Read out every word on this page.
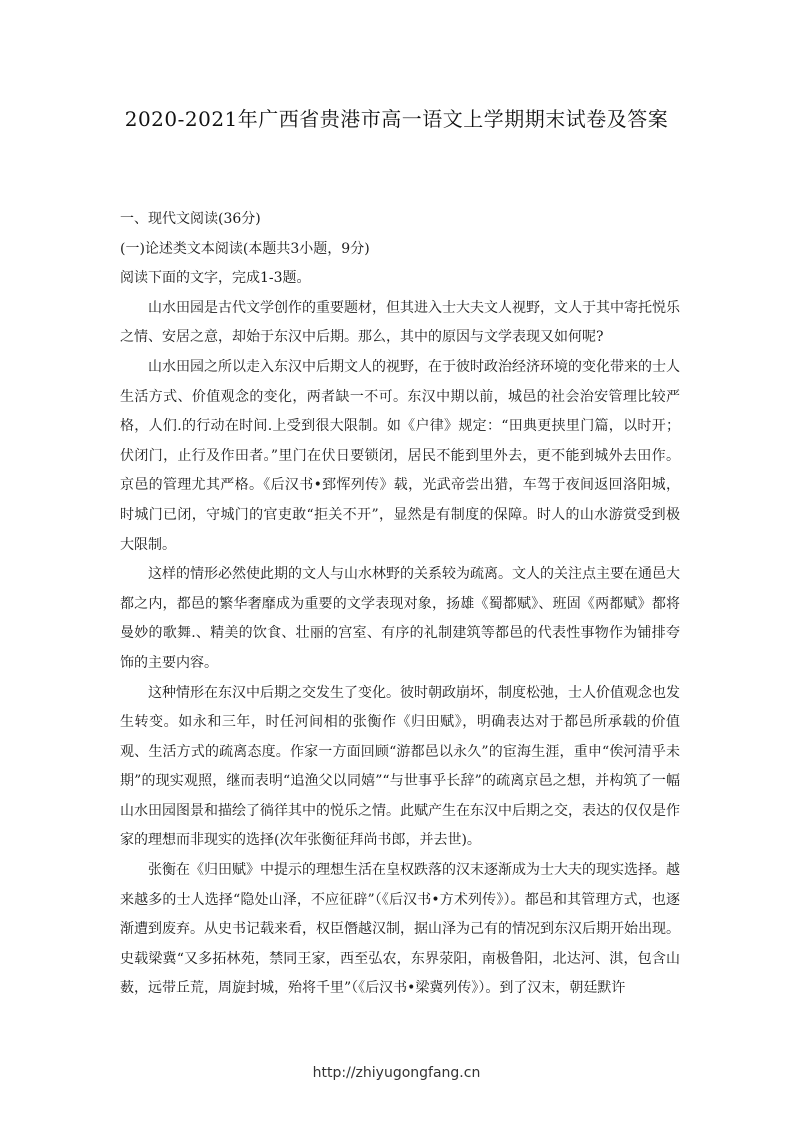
2020-2021年广西省贵港市高一语文上学期期末试卷及答案

一、现代文阅读(36分)

(一)论述类文本阅读(本题共3小题，9分)

阅读下面的文字，完成1-3题。

山水田园是古代文学创作的重要题材，但其进入士大夫文人视野，文人于其中寄托悦乐之情、安居之意，却始于东汉中后期。那么，其中的原因与文学表现又如何呢?

山水田园之所以走入东汉中后期文人的视野，在于彼时政治经济环境的变化带来的士人生活方式、价值观念的变化，两者缺一不可。东汉中期以前，城邑的社会治安管理比较严格，人们.的行动在时间.上受到很大限制。如《户律》规定：“田典更挟里门篇，以时开；伏闭门，止行及作田者。”里门在伏日要锁闭，居民不能到里外去，更不能到城外去田作。京邑的管理尤其严格。《后汉书•郅恽列传》载，光武帝尝出猎，车驾于夜间返回洛阳城，时城门已闭，守城门的官吏敢“拒关不开”，显然是有制度的保障。时人的山水游赏受到极大限制。

这样的情形必然使此期的文人与山水林野的关系较为疏离。文人的关注点主要在通邑大都之内，都邑的繁华奢靡成为重要的文学表现对象，扬雄《蜀都赋》、班固《两都赋》都将曼妙的歌舞.、精美的饮食、壮丽的宫室、有序的礼制建筑等都邑的代表性事物作为铺排夸饰的主要内容。

这种情形在东汉中后期之交发生了变化。彼时朝政崩坏，制度松弛，士人价值观念也发生转变。如永和三年，时任河间相的张衡作《归田赋》，明确表达对于都邑所承载的价值观、生活方式的疏离态度。作家一方面回顾“游都邑以永久”的宦海生涯，重申“俟河清乎未期”的现实观照，继而表明“追渔父以同嬉”“与世事乎长辞”的疏离京邑之想，并构筑了一幅山水田园图景和描绘了徜徉其中的悦乐之情。此赋产生在东汉中后期之交，表达的仅仅是作家的理想而非现实的选择(次年张衡征拜尚书郎，并去世)。

张衡在《归田赋》中提示的理想生活在皇权跌落的汉末逐渐成为士大夫的现实选择。越来越多的士人选择“隐处山泽，不应征辟”（《后汉书•方术列传》）。都邑和其管理方式，也逐渐遭到废弃。从史书记载来看，权臣僭越汉制，据山泽为己有的情况到东汉后期开始出现。史载梁冀“又多拓林苑，禁同王家，西至弘农，东界荥阳，南极鲁阳，北达河、淇，包含山薮，远带丘荒，周旋封城，殆将千里”（《后汉书•梁冀列传》）。到了汉末，朝廷默许

http://zhiyugongfang.cn
